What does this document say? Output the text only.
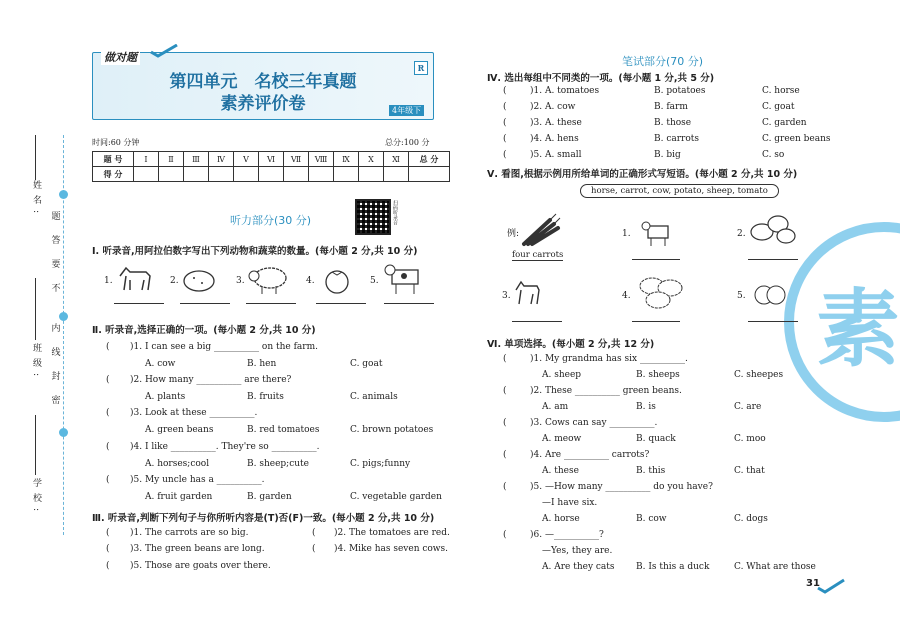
姓名:
班级:
学校:
题
答
要
不
内
线
封
密
做对题
第四单元　名校三年真题
素养评价卷
R
4年级下
时间:60 分钟	总分:100 分
题 号	Ⅰ	Ⅱ	Ⅲ	Ⅳ	Ⅴ	Ⅵ	Ⅶ	Ⅷ	Ⅸ	Ⅹ	Ⅺ	总 分
得 分												
听力部分(30 分)	扫码听录音
Ⅰ. 听录音,用阿拉伯数字写出下列动物和蔬菜的数量。(每小题 2 分,共 10 分)
1.	2.	3.	4.	5.
Ⅱ. 听录音,选择正确的一项。(每小题 2 分,共 10 分)
( )1. I can see a big __________ on the farm.
A. cow	B. hen	C. goat
( )2. How many __________ are there?
A. plants	B. fruits	C. animals
( )3. Look at these __________.
A. green beans	B. red tomatoes	C. brown potatoes
( )4. I like __________. They're so __________.
A. horses;cool	B. sheep;cute	C. pigs;funny
( )5. My uncle has a __________.
A. fruit garden	B. garden	C. vegetable garden
Ⅲ. 听录音,判断下列句子与你所听内容是(T)否(F)一致。(每小题 2 分,共 10 分)
( )1. The carrots are so big.	( )2. The tomatoes are red.
( )3. The green beans are long.	( )4. Mike has seven cows.
( )5. Those are goats over there.
素
笔试部分(70 分)
Ⅳ. 选出每组中不同类的一项。(每小题 1 分,共 5 分)
(	)1. A. tomatoes	B. potatoes	C. horse
(	)2. A. cow	B. farm	C. goat
(	)3. A. these	B. those	C. garden
(	)4. A. hens	B. carrots	C. green beans
(	)5. A. small	B. big	C. so
Ⅴ. 看图,根据示例用所给单词的正确形式写短语。(每小题 2 分,共 10 分)
horse, carrot, cow, potato, sheep, tomato
例:
four carrots
1.	2.
3.	4.	5.
Ⅵ. 单项选择。(每小题 2 分,共 12 分)
(	)1. My grandma has six __________.
A. sheep	B. sheeps	C. sheepes
(	)2. These __________ green beans.
A. am	B. is	C. are
(	)3. Cows can say __________.
A. meow	B. quack	C. moo
(	)4. Are __________ carrots?
A. these	B. this	C. that
(	)5. —How many __________ do you have?
—I have six.
A. horse	B. cow	C. dogs
(	)6. —__________?
—Yes, they are.
A. Are they cats B. Is this a duck	C. What are those
31
